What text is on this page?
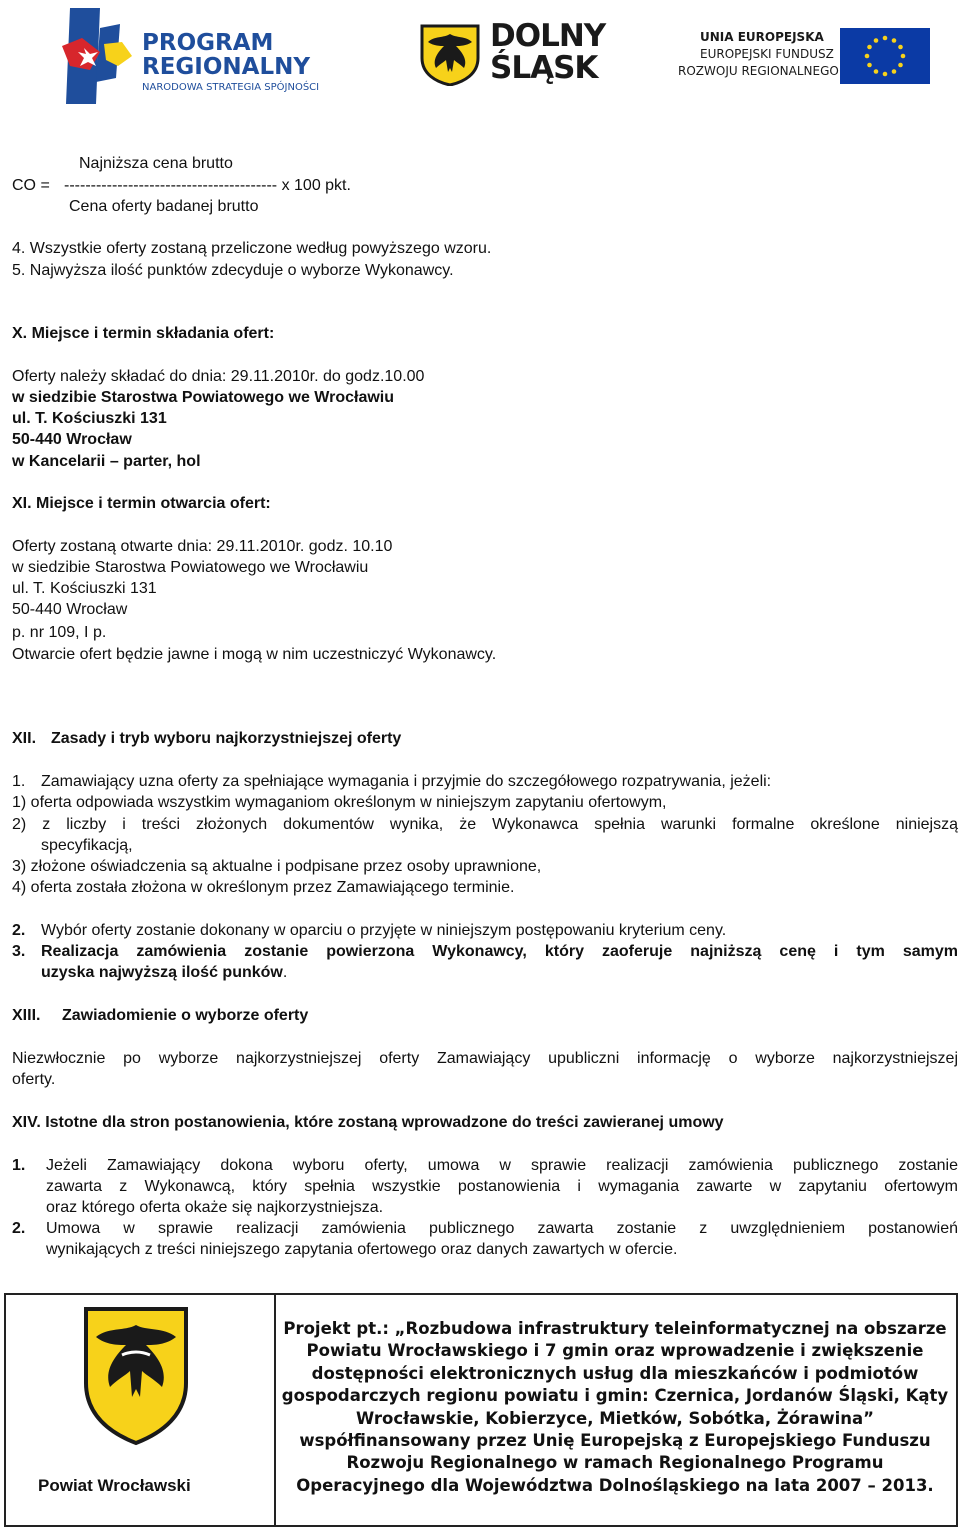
PROGRAM
REGIONALNY
NARODOWA STRATEGIA SPÓJNOŚCI
DOLNY
ŚLĄSK
UNIA EUROPEJSKA
EUROPEJSKI FUNDUSZ
ROZWOJU REGIONALNEGO
Najniższa cena brutto
CO = ---------------------------------------- x 100 pkt.
Cena oferty badanej brutto
4. Wszystkie oferty zostaną przeliczone według powyższego wzoru.
5. Najwyższa ilość punktów zdecyduje o wyborze Wykonawcy.
X. Miejsce i termin składania ofert:
Oferty należy składać do dnia: 29.11.2010r. do godz.10.00
w siedzibie Starostwa Powiatowego we Wrocławiu
ul. T. Kościuszki 131
50-440 Wrocław
w Kancelarii – parter, hol
XI. Miejsce i termin otwarcia ofert:
Oferty zostaną otwarte dnia: 29.11.2010r. godz. 10.10
w siedzibie Starostwa Powiatowego we Wrocławiu
ul. T. Kościuszki 131
50-440 Wrocław
p. nr 109, I p.
Otwarcie ofert będzie jawne i mogą w nim uczestniczyć Wykonawcy.
XII. Zasady i tryb wyboru najkorzystniejszej oferty
1. Zamawiający uzna oferty za spełniające wymagania i przyjmie do szczegółowego rozpatrywania, jeżeli:
1) oferta odpowiada wszystkim wymaganiom określonym w niniejszym zapytaniu ofertowym,
2) z liczby i treści złożonych dokumentów wynika, że Wykonawca spełnia warunki formalne określone niniejszą
specyfikacją,
3) złożone oświadczenia są aktualne i podpisane przez osoby uprawnione,
4) oferta została złożona w określonym przez Zamawiającego terminie.
2. Wybór oferty zostanie dokonany w oparciu o przyjęte w niniejszym postępowaniu kryterium ceny.
3. Realizacja zamówienia zostanie powierzona Wykonawcy, który zaoferuje najniższą cenę i tym samym
uzyska najwyższą ilość punków.
XIII. Zawiadomienie o wyborze oferty
Niezwłocznie po wyborze najkorzystniejszej oferty Zamawiający upubliczni informację o wyborze najkorzystniejszej
oferty.
XIV. Istotne dla stron postanowienia, które zostaną wprowadzone do treści zawieranej umowy
1. Jeżeli Zamawiający dokona wyboru oferty, umowa w sprawie realizacji zamówienia publicznego zostanie
zawarta z Wykonawcą, który spełnia wszystkie postanowienia i wymagania zawarte w zapytaniu ofertowym
oraz którego oferta okaże się najkorzystniejsza.
2. Umowa w sprawie realizacji zamówienia publicznego zawarta zostanie z uwzględnieniem postanowień
wynikających z treści niniejszego zapytania ofertowego oraz danych zawartych w ofercie.
Powiat Wrocławski
Projekt pt.: „Rozbudowa infrastruktury teleinformatycznej na obszarze Powiatu Wrocławskiego i 7 gmin oraz wprowadzenie i zwiększenie dostępności elektronicznych usług dla mieszkańców i podmiotów gospodarczych regionu powiatu i gmin: Czernica, Jordanów Śląski, Kąty Wrocławskie, Kobierzyce, Mietków, Sobótka, Żórawina” współfinansowany przez Unię Europejską z Europejskiego Funduszu Rozwoju Regionalnego w ramach Regionalnego Programu Operacyjnego dla Województwa Dolnośląskiego na lata 2007 – 2013.
